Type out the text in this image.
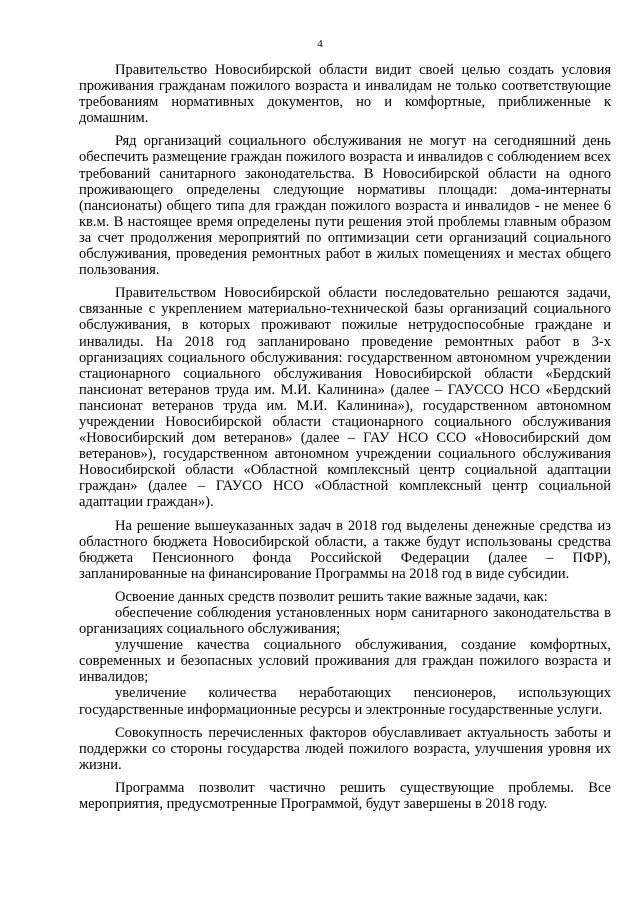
4

Правительство Новосибирской области видит своей целью создать условия проживания гражданам пожилого возраста и инвалидам не только соответствующие требованиям нормативных документов, но и комфортные, приближенные к домашним.

Ряд организаций социального обслуживания не могут на сегодняшний день обеспечить размещение граждан пожилого возраста и инвалидов с соблюдением всех требований санитарного законодательства. В Новосибирской области на одного проживающего определены следующие нормативы площади: дома-интернаты (пансионаты) общего типа для граждан пожилого возраста и инвалидов - не менее 6 кв.м. В настоящее время определены пути решения этой проблемы главным образом за счет продолжения мероприятий по оптимизации сети организаций социального обслуживания, проведения ремонтных работ в жилых помещениях и местах общего пользования.

Правительством Новосибирской области последовательно решаются задачи, связанные с укреплением материально-технической базы организаций социального обслуживания, в которых проживают пожилые нетрудоспособные граждане и инвалиды. На 2018 год запланировано проведение ремонтных работ в 3-х организациях социального обслуживания: государственном автономном учреждении стационарного социального обслуживания Новосибирской области «Бердский пансионат ветеранов труда им. М.И. Калинина» (далее – ГАУССО НСО «Бердский пансионат ветеранов труда им. М.И. Калинина»), государственном автономном учреждении Новосибирской области стационарного социального обслуживания «Новосибирский дом ветеранов» (далее – ГАУ НСО ССО «Новосибирский дом ветеранов»), государственном автономном учреждении социального обслуживания Новосибирской области «Областной комплексный центр социальной адаптации граждан» (далее – ГАУСО НСО «Областной комплексный центр социальной адаптации граждан»).

На решение вышеуказанных задач в 2018 год выделены денежные средства из областного бюджета Новосибирской области, а также будут использованы средства бюджета Пенсионного фонда Российской Федерации (далее – ПФР), запланированные на финансирование Программы на 2018 год в виде субсидии.

Освоение данных средств позволит решить такие важные задачи, как:

обеспечение соблюдения установленных норм санитарного законодательства в организациях социального обслуживания;

улучшение качества социального обслуживания, создание комфортных, современных и безопасных условий проживания для граждан пожилого возраста и инвалидов;

увеличение количества неработающих пенсионеров, использующих государственные информационные ресурсы и электронные государственные услуги.

Совокупность перечисленных факторов обуславливает актуальность заботы и поддержки со стороны государства людей пожилого возраста, улучшения уровня их жизни.

Программа позволит частично решить существующие проблемы. Все мероприятия, предусмотренные Программой, будут завершены в 2018 году.
